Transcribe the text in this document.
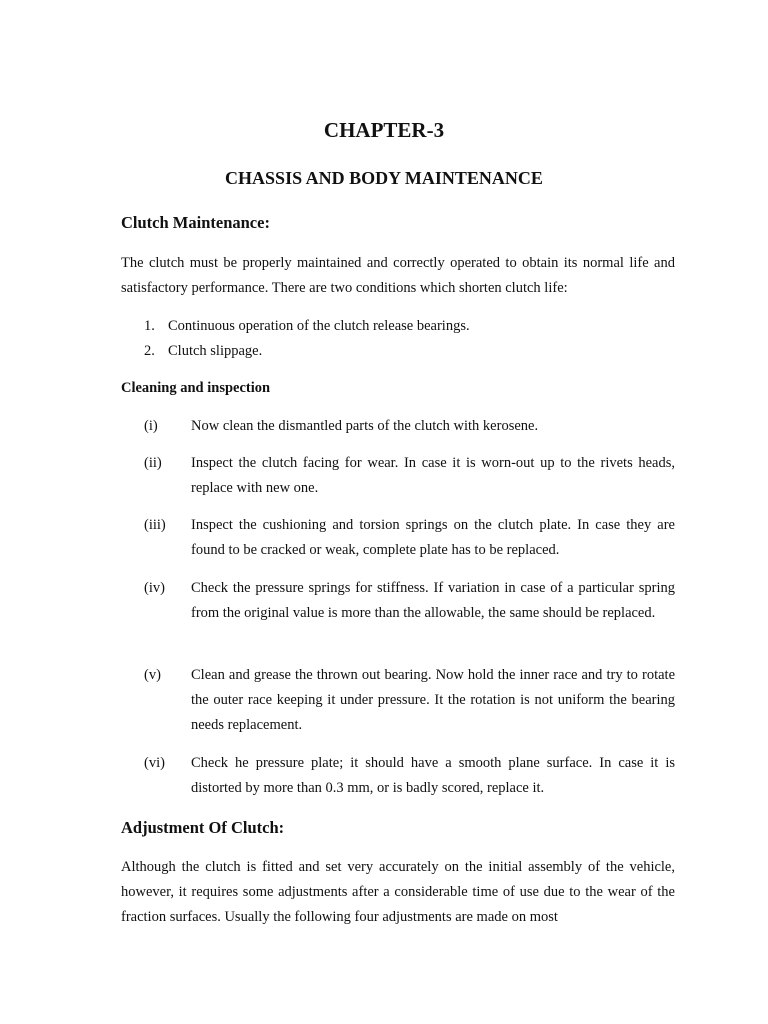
CHAPTER-3
CHASSIS AND BODY MAINTENANCE
Clutch Maintenance:

The clutch must be properly maintained and correctly operated to obtain its normal life and satisfactory performance. There are two conditions which shorten clutch life:

1. Continuous operation of the clutch release bearings.
2. Clutch slippage.
Cleaning and inspection
(i) Now clean the dismantled parts of the clutch with kerosene.
(ii) Inspect the clutch facing for wear. In case it is worn-out up to the rivets heads, replace with new one.
(iii) Inspect the cushioning and torsion springs on the clutch plate. In case they are found to be cracked or weak, complete plate has to be replaced.
(iv) Check the pressure springs for stiffness. If variation in case of a particular spring from the original value is more than the allowable, the same should be replaced.
(v) Clean and grease the thrown out bearing. Now hold the inner race and try to rotate the outer race keeping it under pressure. It the rotation is not uniform the bearing needs replacement.
(vi) Check he pressure plate; it should have a smooth plane surface. In case it is distorted by more than 0.3 mm, or is badly scored, replace it.
Adjustment Of Clutch:

Although the clutch is fitted and set very accurately on the initial assembly of the vehicle, however, it requires some adjustments after a considerable time of use due to the wear of the fraction surfaces. Usually the following four adjustments are made on most
